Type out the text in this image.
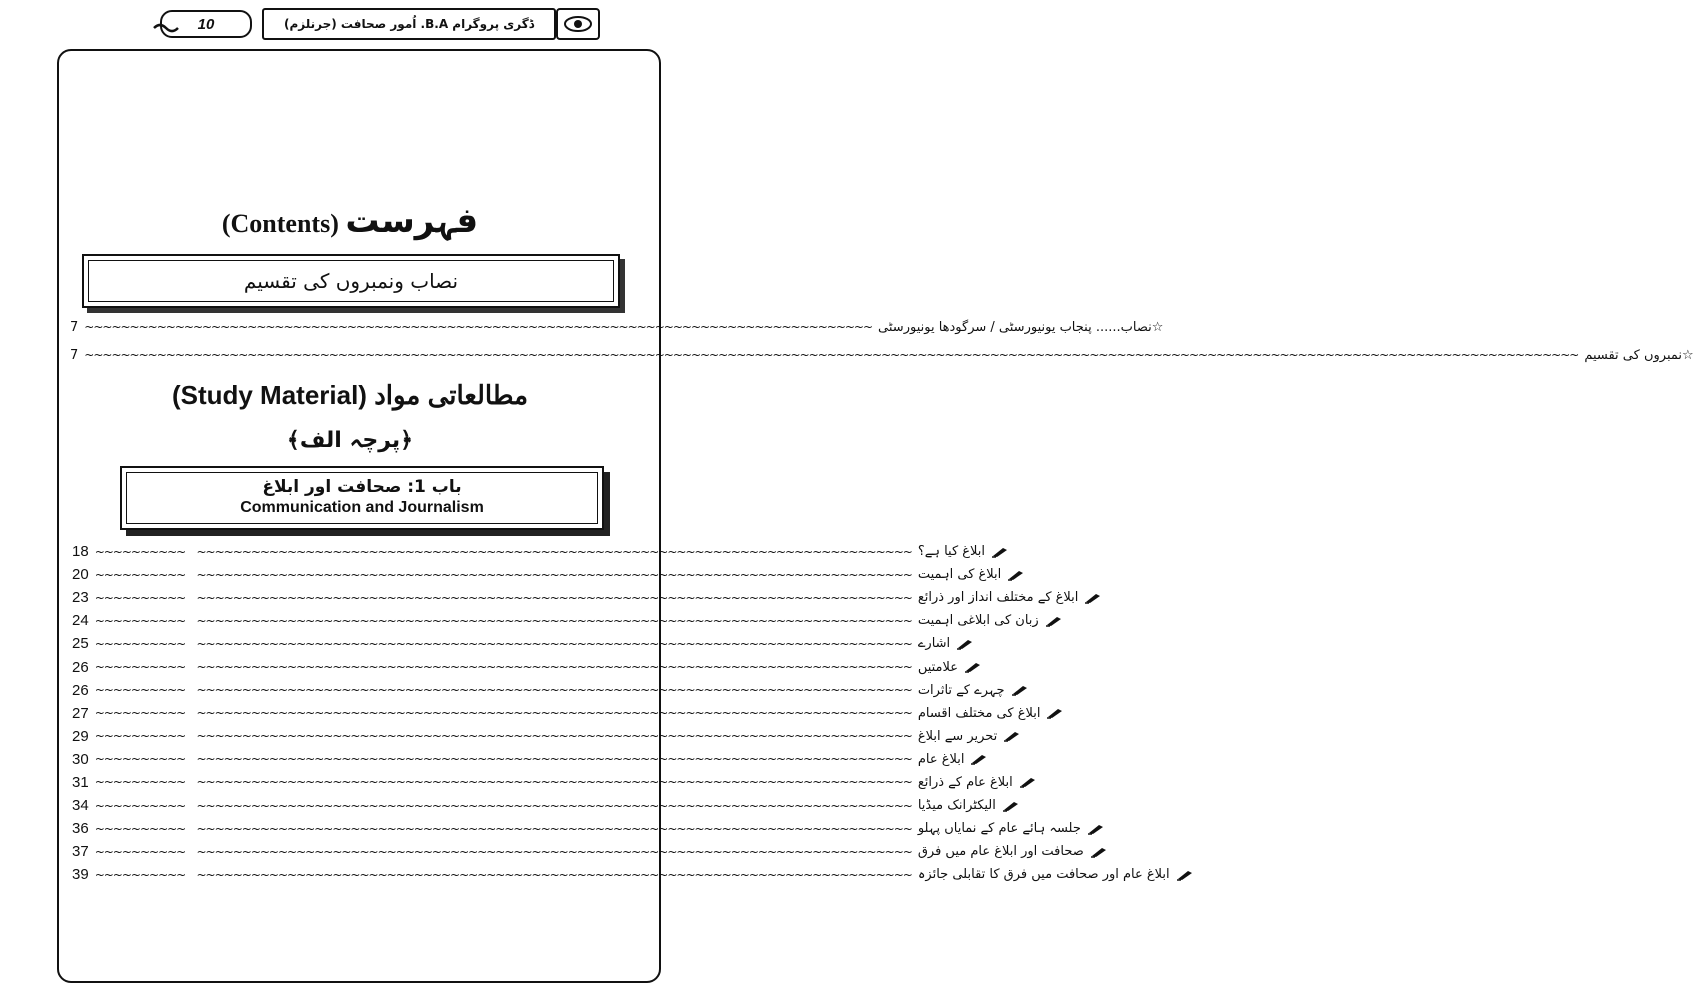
10	ڈگری پروگرام B.A. اُمور صحافت (جرنلزم)
(Contents) فہرست
نصاب ونمبروں کی تقسیم
7 ~~~~~~~~~~~~~~~~~~~~~~~~~~~~~~~~~~~~~~~~~~~~~~~~~~~~~~~~~~~~~~~~~~~~~~~~~~~~~~~~~~~~~~~ نصاب...... پنجاب یونیورسٹی / سرگودھا یونیورسٹی ☆
7 ~~~~~~~~~~~~~~~~~~~~~~~~~~~~~~~~~~~~~~~~~~~~~~~~~~~~~~~~~~~~~~~~~~~~~~~~~~~~~~~~~~~~~~~~~~~~~~~~~~~~~~~~~~~~~~~~~~~~~~~~~~~~~~~~~~~~~~~~~~~~~~~~~~~~~~~~~~~~~~~~~~~~~ نمبروں کی تقسیم ☆
(Study Material) مطالعاتی مواد
﴿پرچہ الف﴾
باب 1: صحافت اور ابلاغ
Communication and Journalism
18 ~~~~~~~~~~    ~~~~~~~~~~~~~~~~~~~~~~~~~~~~~~~~~~~~~~~~~~~~~~~~~~~~~~~~~~~~~~~~~~~~~~~~~~~~~~~ ابلاغ کیا ہے؟
20 ~~~~~~~~~~    ~~~~~~~~~~~~~~~~~~~~~~~~~~~~~~~~~~~~~~~~~~~~~~~~~~~~~~~~~~~~~~~~~~~~~~~~~~~~~~~ ابلاغ کی اہمیت
23 ~~~~~~~~~~    ~~~~~~~~~~~~~~~~~~~~~~~~~~~~~~~~~~~~~~~~~~~~~~~~~~~~~~~~~~~~~~~~~~~~~~~~~~~~~~~ ابلاغ کے مختلف انداز اور ذرائع
24 ~~~~~~~~~~    ~~~~~~~~~~~~~~~~~~~~~~~~~~~~~~~~~~~~~~~~~~~~~~~~~~~~~~~~~~~~~~~~~~~~~~~~~~~~~~~ زبان کی ابلاغی اہمیت
25 ~~~~~~~~~~    ~~~~~~~~~~~~~~~~~~~~~~~~~~~~~~~~~~~~~~~~~~~~~~~~~~~~~~~~~~~~~~~~~~~~~~~~~~~~~~~ اشارے
26 ~~~~~~~~~~    ~~~~~~~~~~~~~~~~~~~~~~~~~~~~~~~~~~~~~~~~~~~~~~~~~~~~~~~~~~~~~~~~~~~~~~~~~~~~~~~ علامتیں
26 ~~~~~~~~~~    ~~~~~~~~~~~~~~~~~~~~~~~~~~~~~~~~~~~~~~~~~~~~~~~~~~~~~~~~~~~~~~~~~~~~~~~~~~~~~~~ چہرے کے تاثرات
27 ~~~~~~~~~~    ~~~~~~~~~~~~~~~~~~~~~~~~~~~~~~~~~~~~~~~~~~~~~~~~~~~~~~~~~~~~~~~~~~~~~~~~~~~~~~~ ابلاغ کی مختلف اقسام
29 ~~~~~~~~~~    ~~~~~~~~~~~~~~~~~~~~~~~~~~~~~~~~~~~~~~~~~~~~~~~~~~~~~~~~~~~~~~~~~~~~~~~~~~~~~~~ تحریر سے ابلاغ
30 ~~~~~~~~~~    ~~~~~~~~~~~~~~~~~~~~~~~~~~~~~~~~~~~~~~~~~~~~~~~~~~~~~~~~~~~~~~~~~~~~~~~~~~~~~~~ ابلاغ عام
31 ~~~~~~~~~~    ~~~~~~~~~~~~~~~~~~~~~~~~~~~~~~~~~~~~~~~~~~~~~~~~~~~~~~~~~~~~~~~~~~~~~~~~~~~~~~~ ابلاغ عام کے ذرائع
34 ~~~~~~~~~~    ~~~~~~~~~~~~~~~~~~~~~~~~~~~~~~~~~~~~~~~~~~~~~~~~~~~~~~~~~~~~~~~~~~~~~~~~~~~~~~~ الیکٹرانک میڈیا
36 ~~~~~~~~~~    ~~~~~~~~~~~~~~~~~~~~~~~~~~~~~~~~~~~~~~~~~~~~~~~~~~~~~~~~~~~~~~~~~~~~~~~~~~~~~~~ جلسہ ہائے عام کے نمایاں پہلو
37 ~~~~~~~~~~    ~~~~~~~~~~~~~~~~~~~~~~~~~~~~~~~~~~~~~~~~~~~~~~~~~~~~~~~~~~~~~~~~~~~~~~~~~~~~~~~ صحافت اور ابلاغ عام میں فرق
39 ~~~~~~~~~~    ~~~~~~~~~~~~~~~~~~~~~~~~~~~~~~~~~~~~~~~~~~~~~~~~~~~~~~~~~~~~~~~~~~~~~~~~~~~~~~~ ابلاغ عام اور صحافت میں فرق کا تقابلی جائزہ
